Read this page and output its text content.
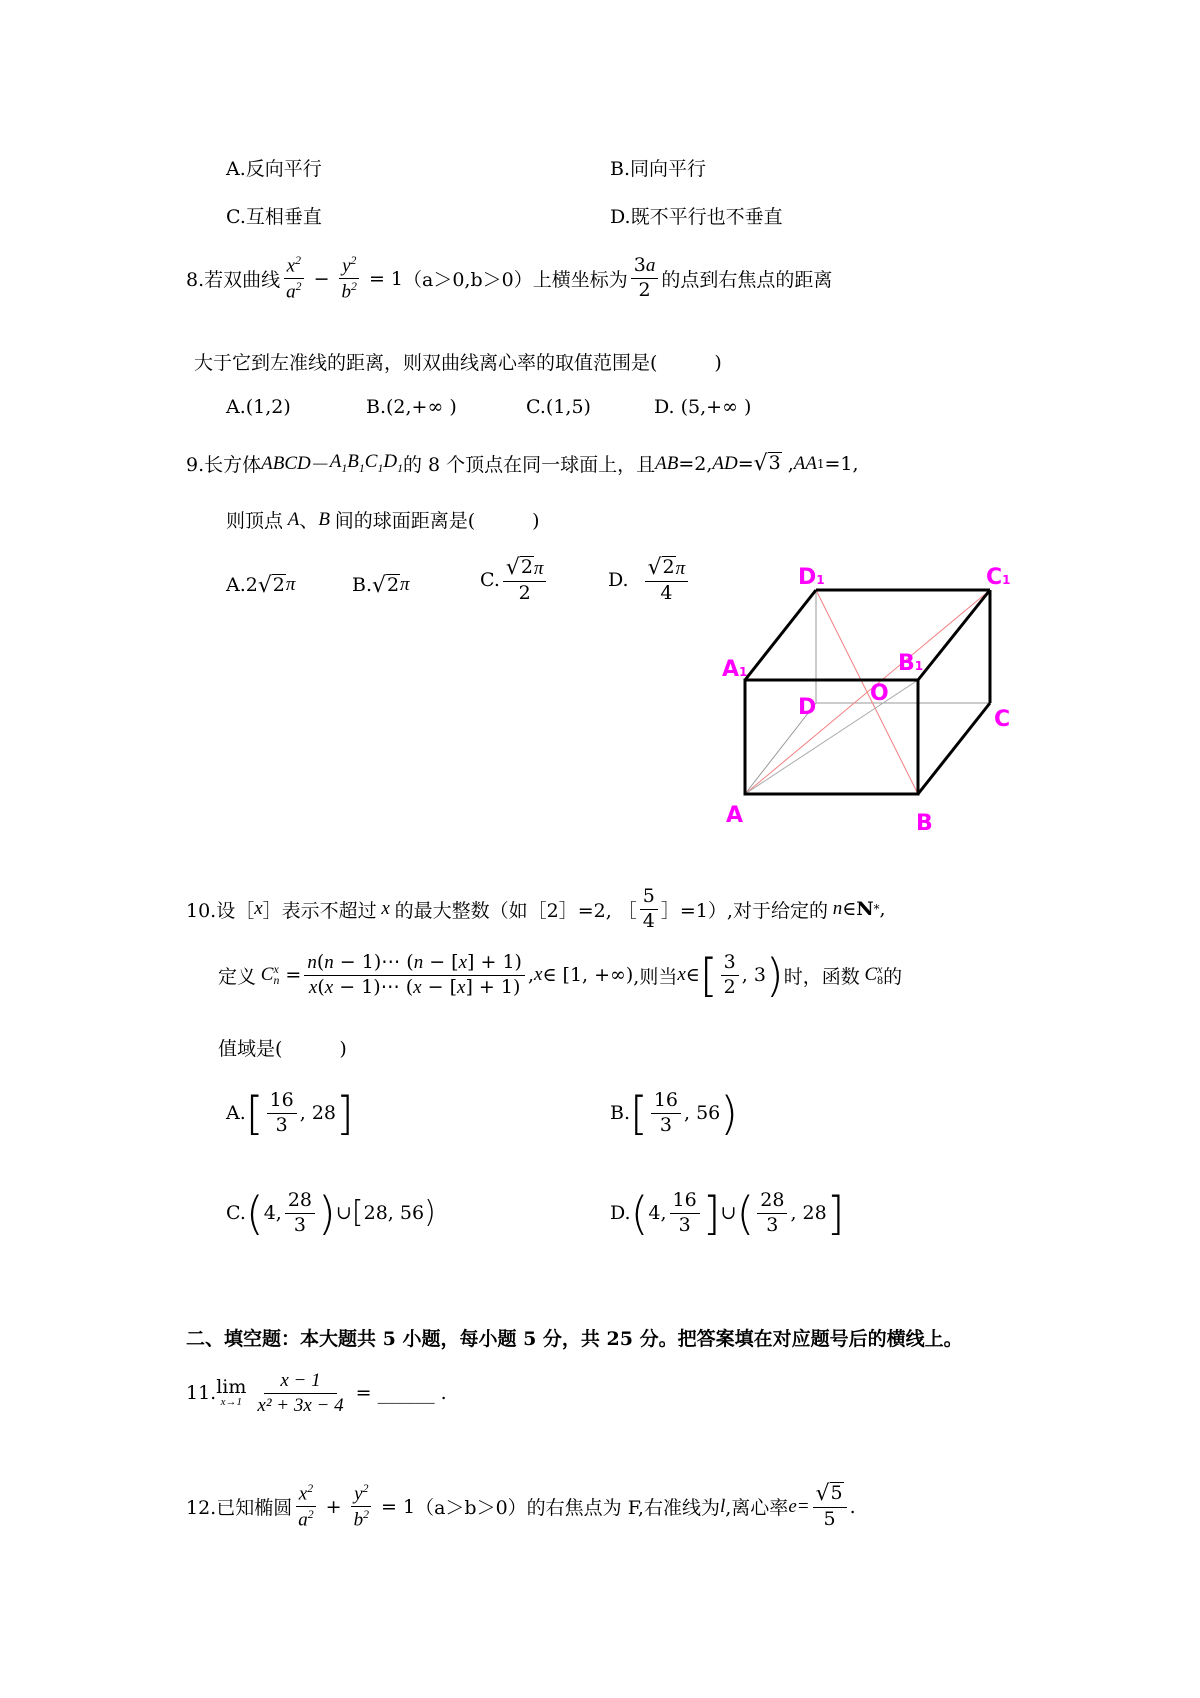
A.反向平行	B.同向平行
C.互相垂直	D.既不平行也不垂直
8.若双曲线 $\frac{x^2}{a^2} - \frac{y^2}{b^2} = 1$ （a＞0,b＞0）上横坐标为 $\frac{3a}{2}$ 的点到右焦点的距离
大于它到左准线的距离，则双曲线离心率的取值范围是(　　　)
A.(1,2)	B.(2,+∞ )	C.(1,5)	D. (5,+∞ )
9.长方体 ABCD － $A_1B_1C_1D_1$ 的 8 个顶点在同一球面上，且 AB =2, AD = √ 3 , AA 1 =1,
则顶点 A 、 B 间的球面距离是(　　　)
A.2 √ 2 π	B. √ 2 π	C. $\frac{√ 2 \pi}{2}$	D. $\frac{√ 2 \pi}{4}$	D1	C1
A1	B1
D
O
C
A	B
10.设［ x ］表示不超过 x 的最大整数（如［2］=2, ［ $\frac{5}{4}$ ］=1）,对于给定的 n ∈ N * ,
定义 C x
$n = \frac{n(n - 1)\cdots (n - [x] + 1)}{x(x - 1)\cdots (x - [x] + 1)}$ , x ∈ [1, +∞) ,则当 x ∈ [ $\frac{3}{2}$ , 3 ) 时，函数 C x
8 的
值域是(　　　)
A. [ $\frac{16}{3}$ , 28 ]	B. [ $\frac{16}{3}$ , 56 )
C. ( 4, $\frac{28}{3}$ ) ∪ [ 28, 56 )	D. ( 4, $\frac{16}{3}$ ] ∪ ( $\frac{28}{3}$ , 28 ]
二、填空题：本大题共 5 小题，每小题 5 分，共 25 分。把答案填在对应题号后的横线上。
11. lim
$x\to 1 \frac{x - 1}{\text{x² + 3x − 4}}$ = ______ .
12.已知椭圆 $\frac{x^2}{a^2} + \frac{y^2}{b^2} = 1$ （a＞b＞0）的右焦点为 F,右准线为 l ,离心率 $e= \frac{√ 5}{5}$ .
